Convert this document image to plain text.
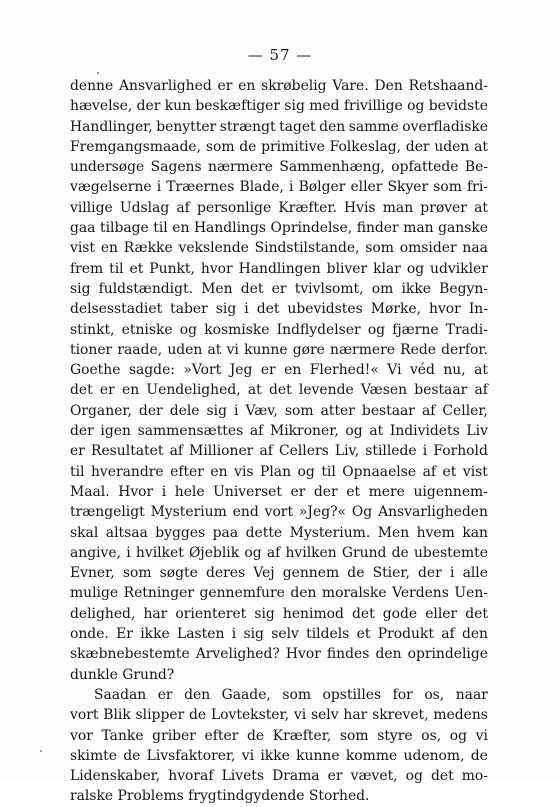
— 57 —
denne Ansvarlighed er en skrøbelig Vare. Den Retshaand-
hævelse, der kun beskæftiger sig med frivillige og bevidste
Handlinger, benytter strængt taget den samme overfladiske
Fremgangsmaade, som de primitive Folkeslag, der uden at
undersøge Sagens nærmere Sammenhæng, opfattede Be-
vægelserne i Træernes Blade, i Bølger eller Skyer som fri-
villige Udslag af personlige Kræfter. Hvis man prøver at
gaa tilbage til en Handlings Oprindelse, finder man ganske
vist en Række vekslende Sindstilstande, som omsider naa
frem til et Punkt, hvor Handlingen bliver klar og udvikler
sig fuldstændigt. Men det er tvivlsomt, om ikke Begyn-
delsesstadiet taber sig i det ubevidstes Mørke, hvor In-
stinkt, etniske og kosmiske Indflydelser og fjærne Tradi-
tioner raade, uden at vi kunne gøre nærmere Rede derfor.
Goethe sagde: »Vort Jeg er en Flerhed!« Vi véd nu, at
det er en Uendelighed, at det levende Væsen bestaar af
Organer, der dele sig i Væv, som atter bestaar af Celler,
der igen sammensættes af Mikroner, og at Individets Liv
er Resultatet af Millioner af Cellers Liv, stillede i Forhold
til hverandre efter en vis Plan og til Opnaaelse af et vist
Maal. Hvor i hele Universet er der et mere uigennem-
trængeligt Mysterium end vort »Jeg?« Og Ansvarligheden
skal altsaa bygges paa dette Mysterium. Men hvem kan
angive, i hvilket Øjeblik og af hvilken Grund de ubestemte
Evner, som søgte deres Vej gennem de Stier, der i alle
mulige Retninger gennemfure den moralske Verdens Uen-
delighed, har orienteret sig henimod det gode eller det
onde. Er ikke Lasten i sig selv tildels et Produkt af den
skæbnebestemte Arvelighed? Hvor findes den oprindelige
dunkle Grund?
Saadan er den Gaade, som opstilles for os, naar
vort Blik slipper de Lovtekster, vi selv har skrevet, medens
vor Tanke griber efter de Kræfter, som styre os, og vi
skimte de Livsfaktorer, vi ikke kunne komme udenom, de
Lidenskaber, hvoraf Livets Drama er vævet, og det mo-
ralske Problems frygtindgydende Storhed.
